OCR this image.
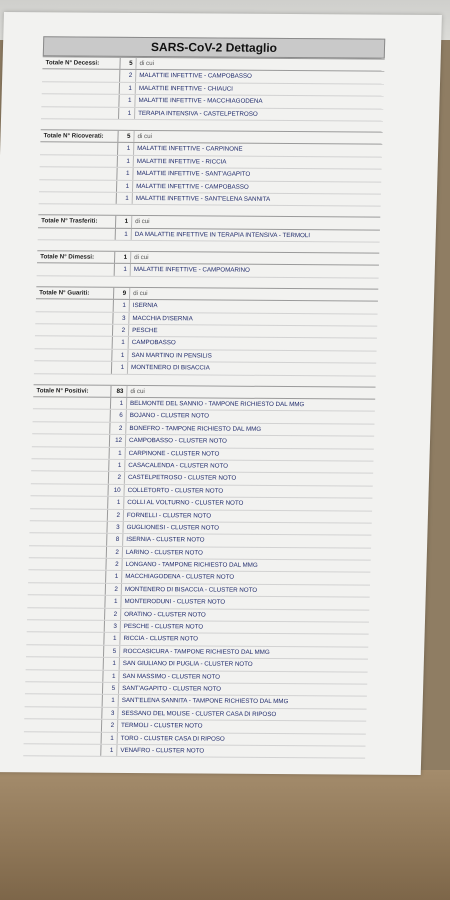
SARS-CoV-2 Dettaglio
Totale N° Decessi:	5	di cui
2	MALATTIE INFETTIVE - CAMPOBASSO
1	MALATTIE INFETTIVE - CHIAUCI
1	MALATTIE INFETTIVE - MACCHIAGODENA
1	TERAPIA INTENSIVA - CASTELPETROSO
Totale N° Ricoverati:	5	di cui
1	MALATTIE INFETTIVE - CARPINONE
1	MALATTIE INFETTIVE - RICCIA
1	MALATTIE INFETTIVE - SANT'AGAPITO
1	MALATTIE INFETTIVE - CAMPOBASSO
1	MALATTIE INFETTIVE - SANT'ELENA SANNITA
Totale N° Trasferiti:	1	di cui
1	DA MALATTIE INFETTIVE IN TERAPIA INTENSIVA - TERMOLI
Totale N° Dimessi:	1	di cui
1	MALATTIE INFETTIVE - CAMPOMARINO
Totale N° Guariti:	9	di cui
1	ISERNIA
3	MACCHIA D'ISERNIA
2	PESCHE
1	CAMPOBASSO
1	SAN MARTINO IN PENSILIS
1	MONTENERO DI BISACCIA
Totale N° Positivi:	83	di cui
1	BELMONTE DEL SANNIO - TAMPONE RICHIESTO DAL MMG
6	BOJANO - CLUSTER NOTO
2	BONEFRO - TAMPONE RICHIESTO DAL MMG
12	CAMPOBASSO - CLUSTER NOTO
1	CARPINONE - CLUSTER NOTO
1	CASACALENDA - CLUSTER NOTO
2	CASTELPETROSO - CLUSTER NOTO
10	COLLETORTO - CLUSTER NOTO
1	COLLI AL VOLTURNO - CLUSTER NOTO
2	FORNELLI - CLUSTER NOTO
3	GUGLIONESI - CLUSTER NOTO
8	ISERNIA - CLUSTER NOTO
2	LARINO - CLUSTER NOTO
2	LONGANO - TAMPONE RICHIESTO DAL MMG
1	MACCHIAGODENA - CLUSTER NOTO
2	MONTENERO DI BISACCIA - CLUSTER NOTO
1	MONTERODUNI - CLUSTER NOTO
2	ORATINO - CLUSTER NOTO
3	PESCHE - CLUSTER NOTO
1	RICCIA - CLUSTER NOTO
5	ROCCASICURA - TAMPONE RICHIESTO DAL MMG
1	SAN GIULIANO DI PUGLIA - CLUSTER NOTO
1	SAN MASSIMO - CLUSTER NOTO
5	SANT'AGAPITO - CLUSTER NOTO
1	SANT'ELENA SANNITA - TAMPONE RICHIESTO DAL MMG
3	SESSANO DEL MOLISE - CLUSTER CASA DI RIPOSO
2	TERMOLI - CLUSTER NOTO
1	TORO - CLUSTER CASA DI RIPOSO
1	VENAFRO - CLUSTER NOTO
